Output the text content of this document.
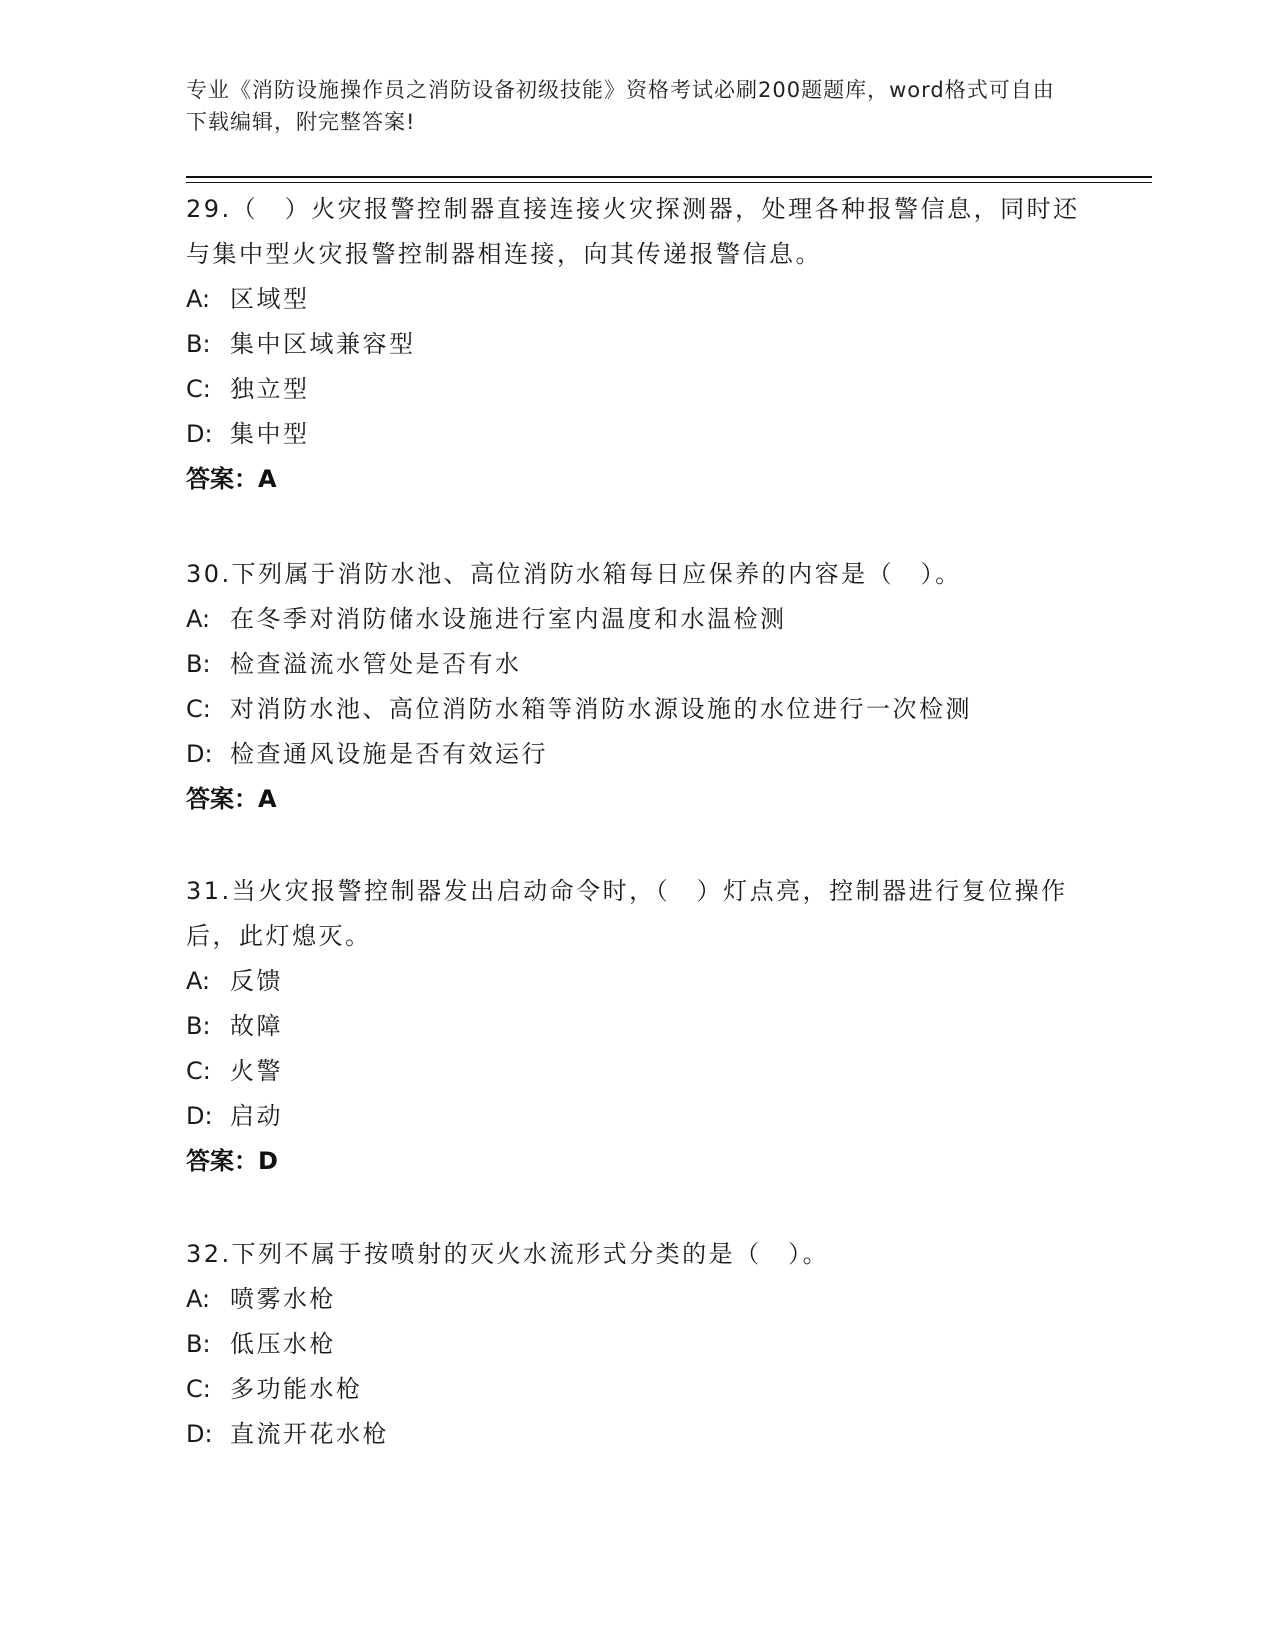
专业《消防设施操作员之消防设备初级技能》资格考试必刷200题题库，word格式可自由下载编辑，附完整答案!
29.（　）火灾报警控制器直接连接火灾探测器，处理各种报警信息，同时还与集中型火灾报警控制器相连接，向其传递报警信息。
A: 区域型
B: 集中区域兼容型
C: 独立型
D: 集中型
答案：A
30.下列属于消防水池、高位消防水箱每日应保养的内容是（　）。
A: 在冬季对消防储水设施进行室内温度和水温检测
B: 检查溢流水管处是否有水
C: 对消防水池、高位消防水箱等消防水源设施的水位进行一次检测
D: 检查通风设施是否有效运行
答案：A
31.当火灾报警控制器发出启动命令时，（　）灯点亮，控制器进行复位操作后，此灯熄灭。
A: 反馈
B: 故障
C: 火警
D: 启动
答案：D
32.下列不属于按喷射的灭火水流形式分类的是（　）。
A: 喷雾水枪
B: 低压水枪
C: 多功能水枪
D: 直流开花水枪
